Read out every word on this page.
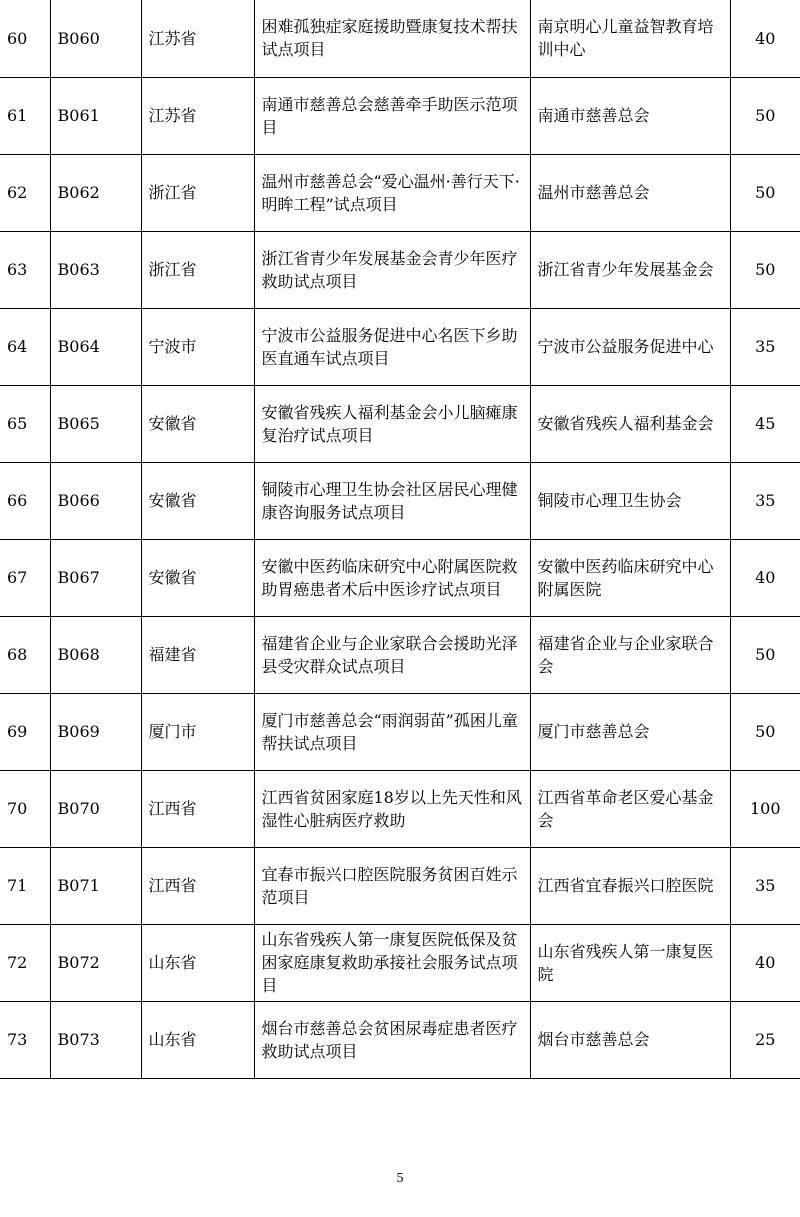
60	B060	江苏省	困难孤独症家庭援助暨康复技术帮扶试点项目	南京明心儿童益智教育培训中心	40
61	B061	江苏省	南通市慈善总会慈善牵手助医示范项目	南通市慈善总会	50
62	B062	浙江省	温州市慈善总会“爱心温州·善行天下·明眸工程”试点项目	温州市慈善总会	50
63	B063	浙江省	浙江省青少年发展基金会青少年医疗救助试点项目	浙江省青少年发展基金会	50
64	B064	宁波市	宁波市公益服务促进中心名医下乡助医直通车试点项目	宁波市公益服务促进中心	35
65	B065	安徽省	安徽省残疾人福利基金会小儿脑瘫康复治疗试点项目	安徽省残疾人福利基金会	45
66	B066	安徽省	铜陵市心理卫生协会社区居民心理健康咨询服务试点项目	铜陵市心理卫生协会	35
67	B067	安徽省	安徽中医药临床研究中心附属医院救助胃癌患者术后中医诊疗试点项目	安徽中医药临床研究中心附属医院	40
68	B068	福建省	福建省企业与企业家联合会援助光泽县受灾群众试点项目	福建省企业与企业家联合会	50
69	B069	厦门市	厦门市慈善总会“雨润弱苗”孤困儿童帮扶试点项目	厦门市慈善总会	50
70	B070	江西省	江西省贫困家庭18岁以上先天性和风湿性心脏病医疗救助	江西省革命老区爱心基金会	100
71	B071	江西省	宜春市振兴口腔医院服务贫困百姓示范项目	江西省宜春振兴口腔医院	35
72	B072	山东省	山东省残疾人第一康复医院低保及贫困家庭康复救助承接社会服务试点项目	山东省残疾人第一康复医院	40
73	B073	山东省	烟台市慈善总会贫困尿毒症患者医疗救助试点项目	烟台市慈善总会	25
5
